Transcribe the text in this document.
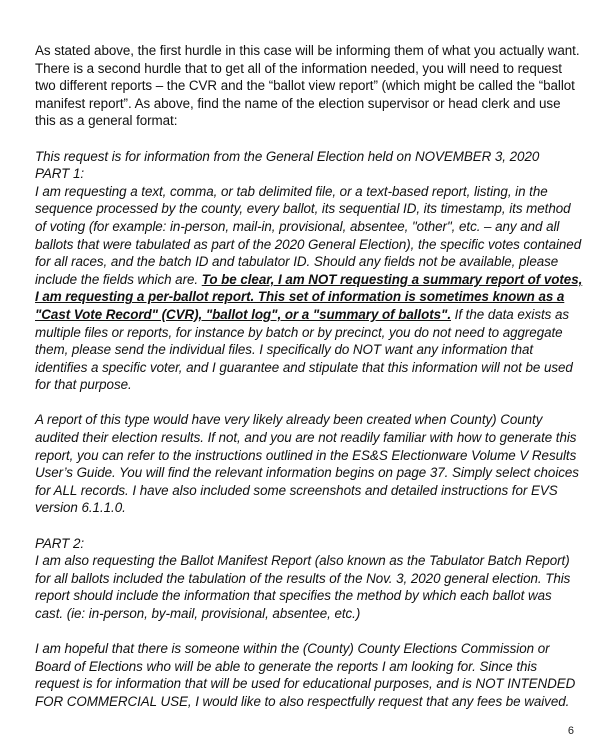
As stated above, the first hurdle in this case will be informing them of what you actually want. There is a second hurdle that to get all of the information needed, you will need to request two different reports – the CVR and the “ballot view report” (which might be called the “ballot manifest report”. As above, find the name of the election supervisor or head clerk and use this as a general format:

This request is for information from the General Election held on NOVEMBER 3, 2020

PART 1:

I am requesting a text, comma, or tab delimited file, or a text-based report, listing, in the sequence processed by the county, every ballot, its sequential ID, its timestamp, its method of voting (for example: in-person, mail-in, provisional, absentee, "other", etc. – any and all ballots that were tabulated as part of the 2020 General Election), the specific votes contained for all races, and the batch ID and tabulator ID. Should any fields not be available, please include the fields which are. To be clear, I am NOT requesting a summary report of votes, I am requesting a per-ballot report. This set of information is sometimes known as a "Cast Vote Record" (CVR), "ballot log", or a "summary of ballots". If the data exists as multiple files or reports, for instance by batch or by precinct, you do not need to aggregate them, please send the individual files. I specifically do NOT want any information that identifies a specific voter, and I guarantee and stipulate that this information will not be used for that purpose.

A report of this type would have very likely already been created when County) County audited their election results. If not, and you are not readily familiar with how to generate this report, you can refer to the instructions outlined in the ES&S Electionware Volume V Results User’s Guide. You will find the relevant information begins on page 37. Simply select choices for ALL records. I have also included some screenshots and detailed instructions for EVS version 6.1.1.0.

PART 2:

I am also requesting the Ballot Manifest Report (also known as the Tabulator Batch Report) for all ballots included the tabulation of the results of the Nov. 3, 2020 general election. This report should include the information that specifies the method by which each ballot was cast. (ie: in-person, by-mail, provisional, absentee, etc.)

I am hopeful that there is someone within the (County) County Elections Commission or Board of Elections who will be able to generate the reports I am looking for. Since this request is for information that will be used for educational purposes, and is NOT INTENDED FOR COMMERCIAL USE, I would like to also respectfully request that any fees be waived.

6
